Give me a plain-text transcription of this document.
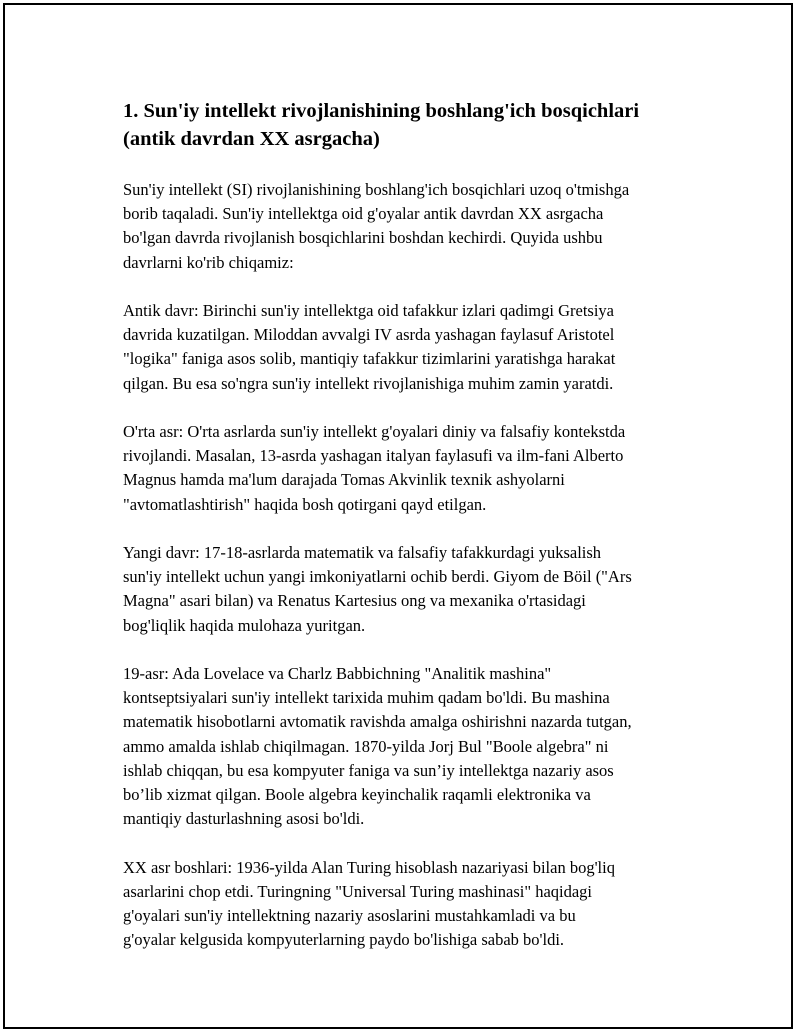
1. Sun'iy intellekt rivojlanishining boshlang'ich bosqichlari
(antik davrdan XX asrgacha)

Sun'iy intellekt (SI) rivojlanishining boshlang'ich bosqichlari uzoq o'tmishga
borib taqaladi. Sun'iy intellektga oid g'oyalar antik davrdan XX asrgacha
bo'lgan davrda rivojlanish bosqichlarini boshdan kechirdi. Quyida ushbu
davrlarni ko'rib chiqamiz:

Antik davr: Birinchi sun'iy intellektga oid tafakkur izlari qadimgi Gretsiya
davrida kuzatilgan. Miloddan avvalgi IV asrda yashagan faylasuf Aristotel
"logika" faniga asos solib, mantiqiy tafakkur tizimlarini yaratishga harakat
qilgan. Bu esa so'ngra sun'iy intellekt rivojlanishiga muhim zamin yaratdi.

O'rta asr: O'rta asrlarda sun'iy intellekt g'oyalari diniy va falsafiy kontekstda
rivojlandi. Masalan, 13-asrda yashagan italyan faylasufi va ilm-fani Alberto
Magnus hamda ma'lum darajada Tomas Akvinlik texnik ashyolarni
"avtomatlashtirish" haqida bosh qotirgani qayd etilgan.

Yangi davr: 17-18-asrlarda matematik va falsafiy tafakkurdagi yuksalish
sun'iy intellekt uchun yangi imkoniyatlarni ochib berdi. Giyom de Böil ("Ars
Magna" asari bilan) va Renatus Kartesius ong va mexanika o'rtasidagi
bog'liqlik haqida mulohaza yuritgan.

19-asr: Ada Lovelace va Charlz Babbichning "Analitik mashina"
kontseptsiyalari sun'iy intellekt tarixida muhim qadam bo'ldi. Bu mashina
matematik hisobotlarni avtomatik ravishda amalga oshirishni nazarda tutgan,
ammo amalda ishlab chiqilmagan. 1870-yilda Jorj Bul "Boole algebra" ni
ishlab chiqqan, bu esa kompyuter faniga va sun’iy intellektga nazariy asos
bo’lib xizmat qilgan. Boole algebra keyinchalik raqamli elektronika va
mantiqiy dasturlashning asosi bo'ldi.

XX asr boshlari: 1936-yilda Alan Turing hisoblash nazariyasi bilan bog'liq
asarlarini chop etdi. Turingning "Universal Turing mashinasi" haqidagi
g'oyalari sun'iy intellektning nazariy asoslarini mustahkamladi va bu
g'oyalar kelgusida kompyuterlarning paydo bo'lishiga sabab bo'ldi.
